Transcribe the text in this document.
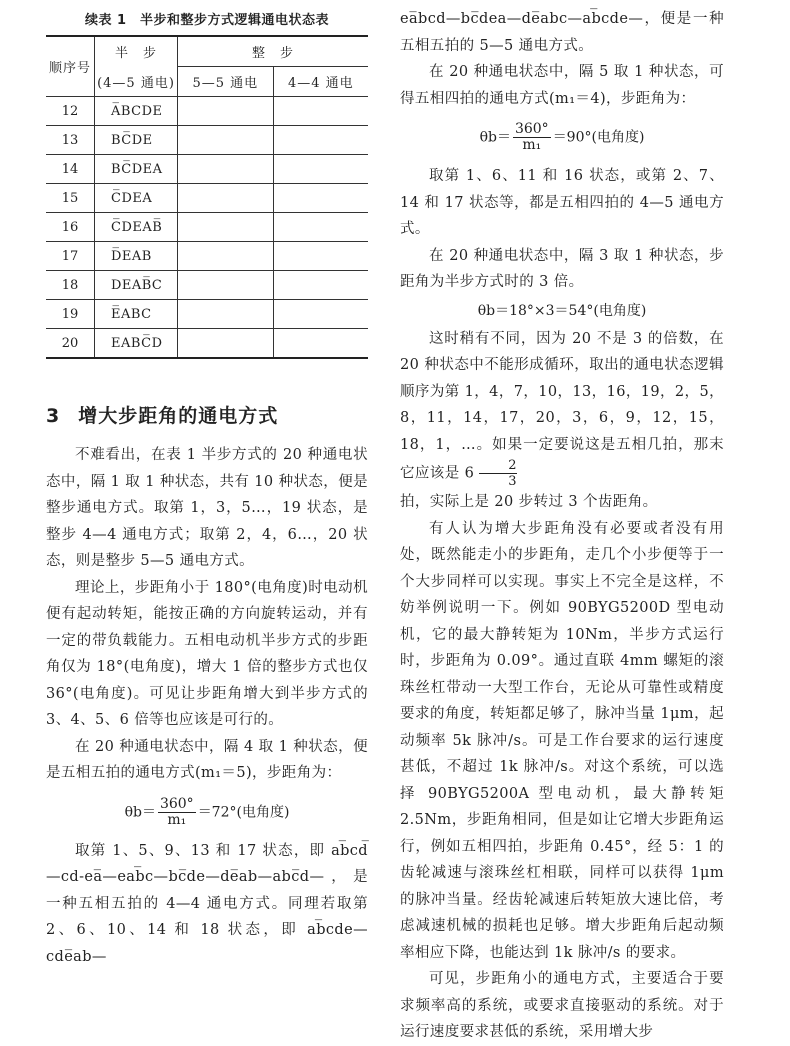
续表 1　半步和整步方式逻辑通电状态表
顺序号	半　步	整　步	
	(4—5 通电)	5—5 通电	4—4 通电
12	A̅BCDE		
13	BC̅DE		
14	BC̅DEA		
15	C̅DEA		
16	C̅DEAB̅		
17	D̅EAB		
18	DEAB̅C		
19	E̅ABC		
20	EABC̅D		
3 增大步距角的通电方式

不难看出，在表 1 半步方式的 20 种通电状态中，隔 1 取 1 种状态，共有 10 种状态，便是整步通电方式。取第 1，3，5…，19 状态，是整步 4—4 通电方式；取第 2，4，6…，20 状态，则是整步 5—5 通电方式。

理论上，步距角小于 180°(电角度)时电动机便有起动转矩，能按正确的方向旋转运动，并有一定的带负载能力。五相电动机半步方式的步距角仅为 18°(电角度)，增大 1 倍的整步方式也仅 36°(电角度)。可见让步距角增大到半步方式的 3、4、5、6 倍等也应该是可行的。

在 20 种通电状态中，隔 4 取 1 种状态，便是五相五拍的通电方式(m₁＝5)，步距角为：

$\theta b= \frac{360^\circ}{\text{m₁}} =72^\circ$(电角度)

取第 1、5、9、13 和 17 状态，即 ab̅cd̅—cd-ea̅—eab̅c—bc̅de—de̅ab—abc̅d—，是一种五相五拍的 4—4 通电方式。同理若取第 2、6、10、14 和 18 状态，即 ab̅cde—cde̅ab—

ea̅bcd—bc̅dea—de̅abc—ab̅cde—，便是一种五相五拍的 5—5 通电方式。

在 20 种通电状态中，隔 5 取 1 种状态，可得五相四拍的通电方式(m₁＝4)，步距角为：

$\theta b= \frac{360^\circ}{\text{m₁}} =90^\circ$(电角度)

取第 1、6、11 和 16 状态，或第 2、7、14 和 17 状态等，都是五相四拍的 4—5 通电方式。

在 20 种通电状态中，隔 3 取 1 种状态，步距角为半步方式时的 3 倍。

θb＝18°×3＝54°(电角度)

这时稍有不同，因为 20 不是 3 的倍数，在 20 种状态中不能形成循环，取出的通电状态逻辑顺序为第 1，4，7，10，13，16，19，2，5，8，11，14，17，20，3，6，9，12，15，18，1，…。如果一定要说这是五相几拍，那末它应该是 $6 \frac{2}{3}$

拍，实际上是 20 步转过 3 个齿距角。

有人认为增大步距角没有必要或者没有用处，既然能走小的步距角，走几个小步便等于一个大步同样可以实现。事实上不完全是这样，不妨举例说明一下。例如 90BYG5200D 型电动机，它的最大静转矩为 10Nm，半步方式运行时，步距角为 0.09°。通过直联 4mm 螺矩的滚珠丝杠带动一大型工作台，无论从可靠性或精度要求的角度，转矩都足够了，脉冲当量 1μm，起动频率 5k 脉冲/s。可是工作台要求的运行速度甚低，不超过 1k 脉冲/s。对这个系统，可以选择 90BYG5200A 型电动机，最大静转矩 2.5Nm，步距角相同，但是如让它增大步距角运行，例如五相四拍，步距角 0.45°，经 5：1 的齿轮减速与滚珠丝杠相联，同样可以获得 1μm 的脉冲当量。经齿轮减速后转矩放大速比倍，考虑减速机械的损耗也足够。增大步距角后起动频率相应下降，也能达到 1k 脉冲/s 的要求。

可见，步距角小的通电方式，主要适合于要求频率高的系统，或要求直接驱动的系统。对于运行速度要求甚低的系统，采用增大步
